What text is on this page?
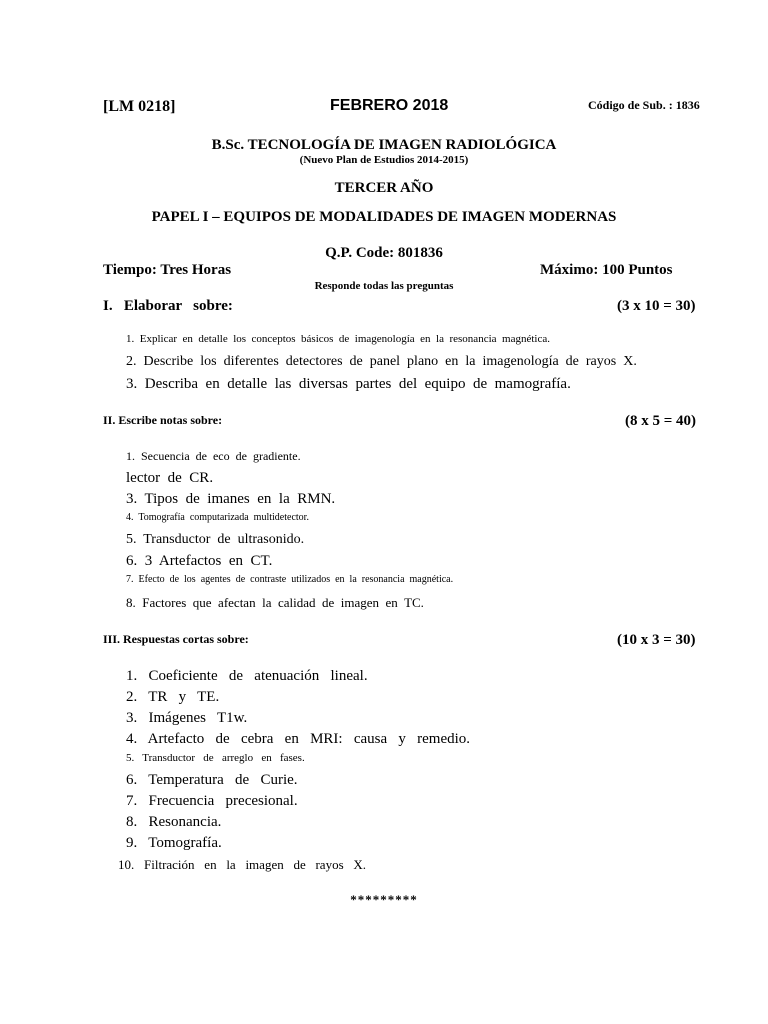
[LM 0218]	FEBRERO 2018	Código de Sub. : 1836
B.Sc. TECNOLOGÍA DE IMAGEN RADIOLÓGICA
(Nuevo Plan de Estudios 2014-2015)
TERCER AÑO
PAPEL I – EQUIPOS DE MODALIDADES DE IMAGEN MODERNAS
Q.P. Code: 801836
Tiempo: Tres Horas	Máximo: 100 Puntos
Responde todas las preguntas
I.   Elaborar   sobre:	(3 x 10 = 30)
1.  Explicar  en  detalle  los  conceptos  básicos  de  imagenología  en  la  resonancia  magnética.
2.  Describe  los  diferentes  detectores  de  panel  plano  en  la  imagenología  de  rayos  X.
3.  Describa  en  detalle  las  diversas  partes  del  equipo  de  mamografía.
II. Escribe notas sobre:	(8 x 5 = 40)
1.  Secuencia  de  eco  de  gradiente.
lector  de  CR.
3.  Tipos  de  imanes  en  la  RMN.
4.  Tomografía  computarizada  multidetector.
5.  Transductor  de  ultrasonido.
6.  3  Artefactos  en  CT.
7.  Efecto  de  los  agentes  de  contraste  utilizados  en  la  resonancia  magnética.
8.  Factores  que  afectan  la  calidad  de  imagen  en  TC.
III. Respuestas cortas sobre:	(10 x 3 = 30)
1.   Coeficiente   de   atenuación   lineal.
2.   TR   y   TE.
3.   Imágenes   T1w.
4.   Artefacto   de   cebra   en   MRI:   causa   y   remedio.
5.   Transductor   de   arreglo   en   fases.
6.   Temperatura   de   Curie.
7.   Frecuencia   precesional.
8.   Resonancia.
9.   Tomografía.
10.   Filtración   en   la   imagen   de   rayos   X.
*********
